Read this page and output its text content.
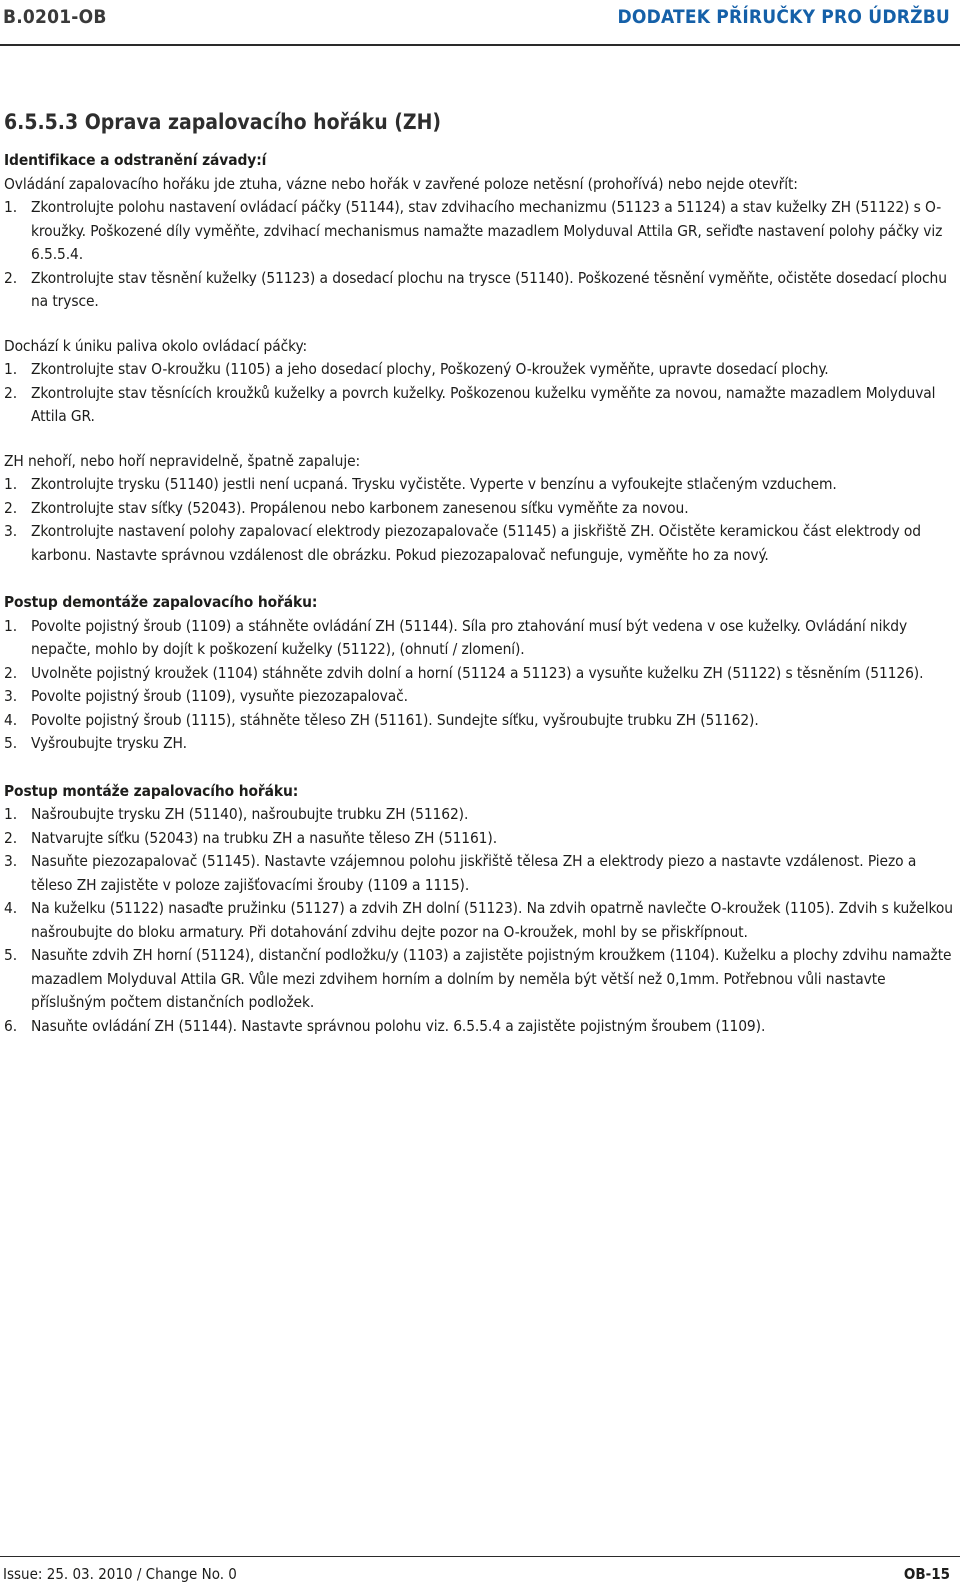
B.0201-OB	DODATEK PŘÍRUČKY PRO ÚDRŽBU
6.5.5.3 Oprava zapalovacího hořáku (ZH)

Identifikace a odstranění závady:í

Ovládání zapalovacího hořáku jde ztuha, vázne nebo hořák v zavřené poloze netěsní (prohořívá) nebo nejde otevřít:

1. Zkontrolujte polohu nastavení ovládací páčky (51144), stav zdvihacího mechanizmu (51123 a 51124) a stav kuželky ZH (51122) s O-kroužky. Poškozené díly vyměňte, zdvihací mechanismus namažte mazadlem Molyduval Attila GR, seřiďte nastavení polohy páčky viz 6.5.5.4.
2. Zkontrolujte stav těsnění kuželky (51123) a dosedací plochu na trysce (51140). Poškozené těsnění vyměňte, očistěte dosedací plochu na trysce.

Dochází k úniku paliva okolo ovládací páčky:

1. Zkontrolujte stav O-kroužku (1105) a jeho dosedací plochy, Poškozený O-kroužek vyměňte, upravte dosedací plochy.
2. Zkontrolujte stav těsnících kroužků kuželky a povrch kuželky. Poškozenou kuželku vyměňte za novou, namažte mazadlem Molyduval Attila GR.

ZH nehoří, nebo hoří nepravidelně, špatně zapaluje:

1. Zkontrolujte trysku (51140) jestli není ucpaná. Trysku vyčistěte. Vyperte v benzínu a vyfoukejte stlačeným vzduchem.
2. Zkontrolujte stav síťky (52043). Propálenou nebo karbonem zanesenou síťku vyměňte za novou.
3. Zkontrolujte nastavení polohy zapalovací elektrody piezozapalovače (51145) a jiskřiště ZH. Očistěte keramickou část elektrody od karbonu. Nastavte správnou vzdálenost dle obrázku. Pokud piezozapalovač nefunguje, vyměňte ho za nový.

Postup demontáže zapalovacího hořáku:

1. Povolte pojistný šroub (1109) a stáhněte ovládání ZH (51144). Síla pro ztahování musí být vedena v ose kuželky. Ovládání nikdy nepačte, mohlo by dojít k poškození kuželky (51122), (ohnutí / zlomení).
2. Uvolněte pojistný kroužek (1104) stáhněte zdvih dolní a horní (51124 a 51123) a vysuňte kuželku ZH (51122) s těsněním (51126).
3. Povolte pojistný šroub (1109), vysuňte piezozapalovač.
4. Povolte pojistný šroub (1115), stáhněte těleso ZH (51161). Sundejte síťku, vyšroubujte trubku ZH (51162).
5. Vyšroubujte trysku ZH.

Postup montáže zapalovacího hořáku:

1. Našroubujte trysku ZH (51140), našroubujte trubku ZH (51162).
2. Natvarujte síťku (52043) na trubku ZH a nasuňte těleso ZH (51161).
3. Nasuňte piezozapalovač (51145). Nastavte vzájemnou polohu jiskřiště tělesa ZH a elektrody piezo a nastavte vzdálenost. Piezo a těleso ZH zajistěte v poloze zajišťovacími šrouby (1109 a 1115).
4. Na kuželku (51122) nasaďte pružinku (51127) a zdvih ZH dolní (51123). Na zdvih opatrně navlečte O-kroužek (1105). Zdvih s kuželkou našroubujte do bloku armatury. Při dotahování zdvihu dejte pozor na O-kroužek, mohl by se přiskřípnout.
5. Nasuňte zdvih ZH horní (51124), distanční podložku/y (1103) a zajistěte pojistným kroužkem (1104). Kuželku a plochy zdvihu namažte mazadlem Molyduval Attila GR. Vůle mezi zdvihem horním a dolním by neměla být větší než 0,1mm. Potřebnou vůli nastavte příslušným počtem distančních podložek.
6. Nasuňte ovládání ZH (51144). Nastavte správnou polohu viz. 6.5.5.4 a zajistěte pojistným šroubem (1109).
Issue: 25. 03. 2010 / Change No. 0	OB-15
